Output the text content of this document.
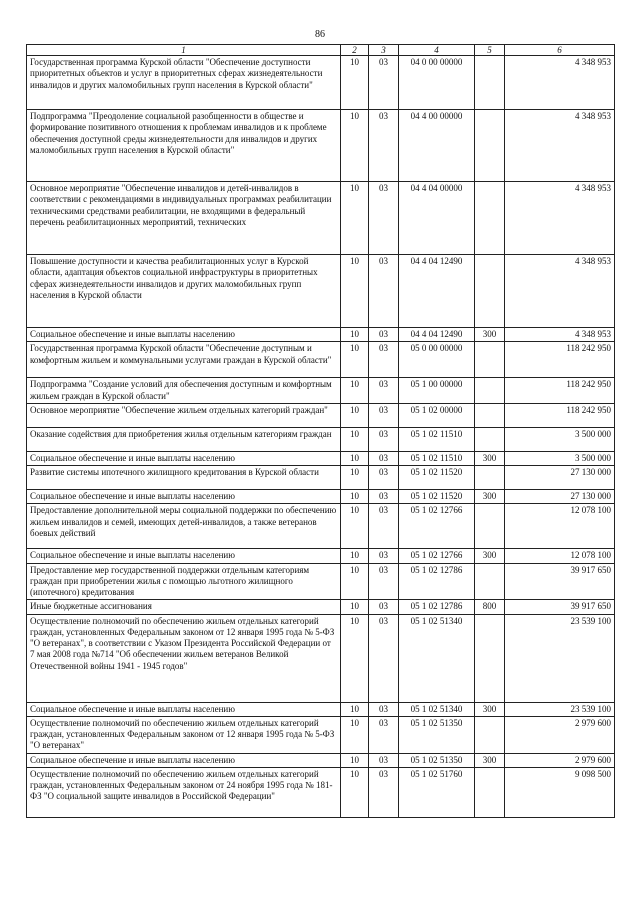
86
1	2	3	4	5	6
Государственная программа Курской области "Обеспечение доступности приоритетных объектов и услуг в приоритетных сферах жизнедеятельности инвалидов и других маломобильных групп населения в Курской области"	10	03	04 0 00 00000		4 348 953
Подпрограмма "Преодоление социальной разобщенности в обществе и формирование позитивного отношения к проблемам инвалидов и к проблеме обеспечения доступной среды жизнедеятельности для инвалидов и других маломобильных групп населения в Курской области"	10	03	04 4 00 00000		4 348 953
Основное мероприятие "Обеспечение инвалидов и детей-инвалидов в соответствии с рекомендациями в индивидуальных программах реабилитации техническими средствами реабилитации, не входящими в федеральный перечень реабилитационных мероприятий, технических	10	03	04 4 04 00000		4 348 953
Повышение доступности и качества реабилитационных услуг в Курской области, адаптация объектов социальной инфраструктуры в приоритетных сферах жизнедеятельности инвалидов и других маломобильных групп населения в Курской области	10	03	04 4 04 12490		4 348 953
Социальное обеспечение и иные выплаты населению	10	03	04 4 04 12490	300	4 348 953
Государственная программа Курской области "Обеспечение доступным и комфортным жильем и коммунальными услугами граждан в Курской области"	10	03	05 0 00 00000		118 242 950
Подпрограмма "Создание условий для обеспечения доступным и комфортным жильем граждан в Курской области"	10	03	05 1 00 00000		118 242 950
Основное мероприятие "Обеспечение жильем отдельных категорий граждан"	10	03	05 1 02 00000		118 242 950
Оказание содействия для приобретения жилья отдельным категориям граждан	10	03	05 1 02 11510		3 500 000
Социальное обеспечение и иные выплаты населению	10	03	05 1 02 11510	300	3 500 000
Развитие системы ипотечного жилищного кредитования в Курской области	10	03	05 1 02 11520		27 130 000
Социальное обеспечение и иные выплаты населению	10	03	05 1 02 11520	300	27 130 000
Предоставление дополнительной меры социальной поддержки по обеспечению жильем инвалидов и семей, имеющих детей-инвалидов, а также ветеранов боевых действий	10	03	05 1 02 12766		12 078 100
Социальное обеспечение и иные выплаты населению	10	03	05 1 02 12766	300	12 078 100
Предоставление мер государственной поддержки отдельным категориям граждан при приобретении жилья с помощью льготного жилищного (ипотечного) кредитования	10	03	05 1 02 12786		39 917 650
Иные бюджетные ассигнования	10	03	05 1 02 12786	800	39 917 650
Осуществление полномочий по обеспечению жильем отдельных категорий граждан, установленных Федеральным законом от 12 января 1995 года № 5-ФЗ "О ветеранах", в соответствии с Указом Президента Российской Федерации от 7 мая 2008 года №714 "Об обеспечении жильем ветеранов Великой Отечественной войны 1941 - 1945 годов"	10	03	05 1 02 51340		23 539 100
Социальное обеспечение и иные выплаты населению	10	03	05 1 02 51340	300	23 539 100
Осуществление полномочий по обеспечению жильем отдельных категорий граждан, установленных Федеральным законом от 12 января 1995 года № 5-ФЗ "О ветеранах"	10	03	05 1 02 51350		2 979 600
Социальное обеспечение и иные выплаты населению	10	03	05 1 02 51350	300	2 979 600
Осуществление полномочий по обеспечению жильем отдельных категорий граждан, установленных Федеральным законом от 24 ноября 1995 года № 181-ФЗ "О социальной защите инвалидов в Российской Федерации"	10	03	05 1 02 51760		9 098 500
